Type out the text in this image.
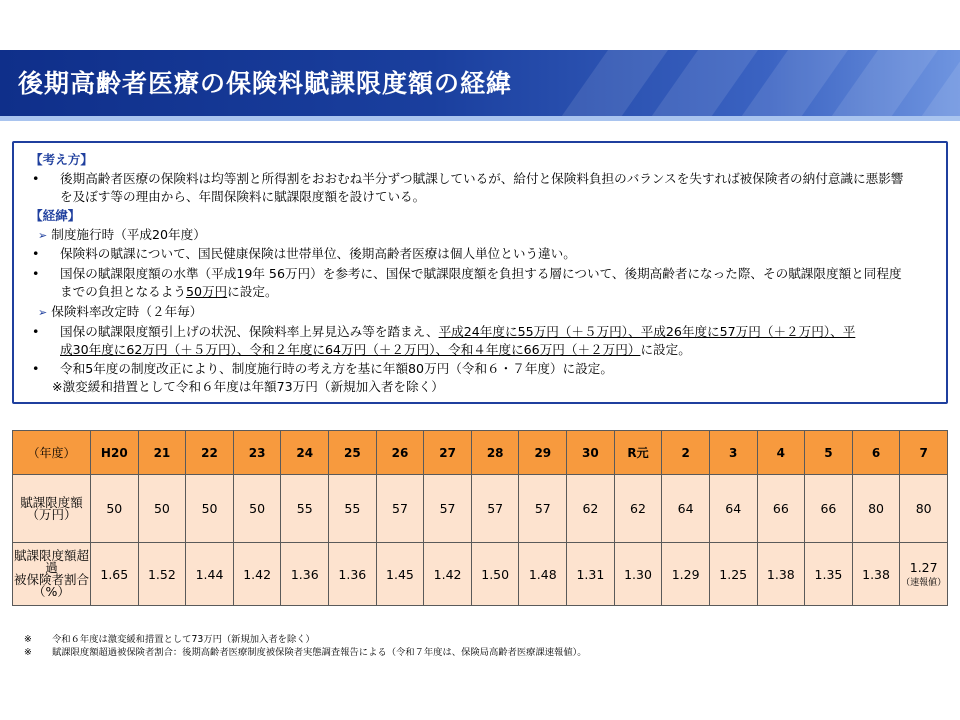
後期高齢者医療の保険料賦課限度額の経緯
【考え方】
• 後期高齢者医療の保険料は均等割と所得割をおおむね半分ずつ賦課しているが、給付と保険料負担のバランスを失すれば被保険者の納付意識に悪影響
を及ぼす等の理由から、年間保険料に賦課限度額を設けている。
【経緯】
➢ 制度施行時（平成20年度）
• 保険料の賦課について、国民健康保険は世帯単位、後期高齢者医療は個人単位という違い。
• 国保の賦課限度額の水準（平成19年 56万円）を参考に、国保で賦課限度額を負担する層について、後期高齢者になった際、その賦課限度額と同程度
までの負担となるよう50万円に設定。
➢ 保険料率改定時（２年毎）
• 国保の賦課限度額引上げの状況、保険料率上昇見込み等を踏まえ、平成24年度に55万円（＋５万円）、平成26年度に57万円（＋２万円）、平
成30年度に62万円（＋５万円）、令和２年度に64万円（＋２万円）、令和４年度に66万円（＋２万円）に設定。
• 令和5年度の制度改正により、制度施行時の考え方を基に年額80万円（令和６・７年度）に設定。
※激変緩和措置として令和６年度は年額73万円（新規加入者を除く）
（年度）	H20	21	22	23	24	25	26	27	28	29	30	R元	2	3	4	5	6	7
賦課限度額
（万円）	50	50	50	50	55	55	57	57	57	57	62	62	64	64	66	66	80	80
賦課限度額超過
被保険者割合
（%）	1.65	1.52	1.44	1.42	1.36	1.36	1.45	1.42	1.50	1.48	1.31	1.30	1.29	1.25	1.38	1.35	1.38	1.27
（速報値）
※ 令和６年度は激変緩和措置として73万円（新規加入者を除く）
※ 賦課限度額超過被保険者割合：後期高齢者医療制度被保険者実態調査報告による（令和７年度は、保険局高齢者医療課速報値）。
